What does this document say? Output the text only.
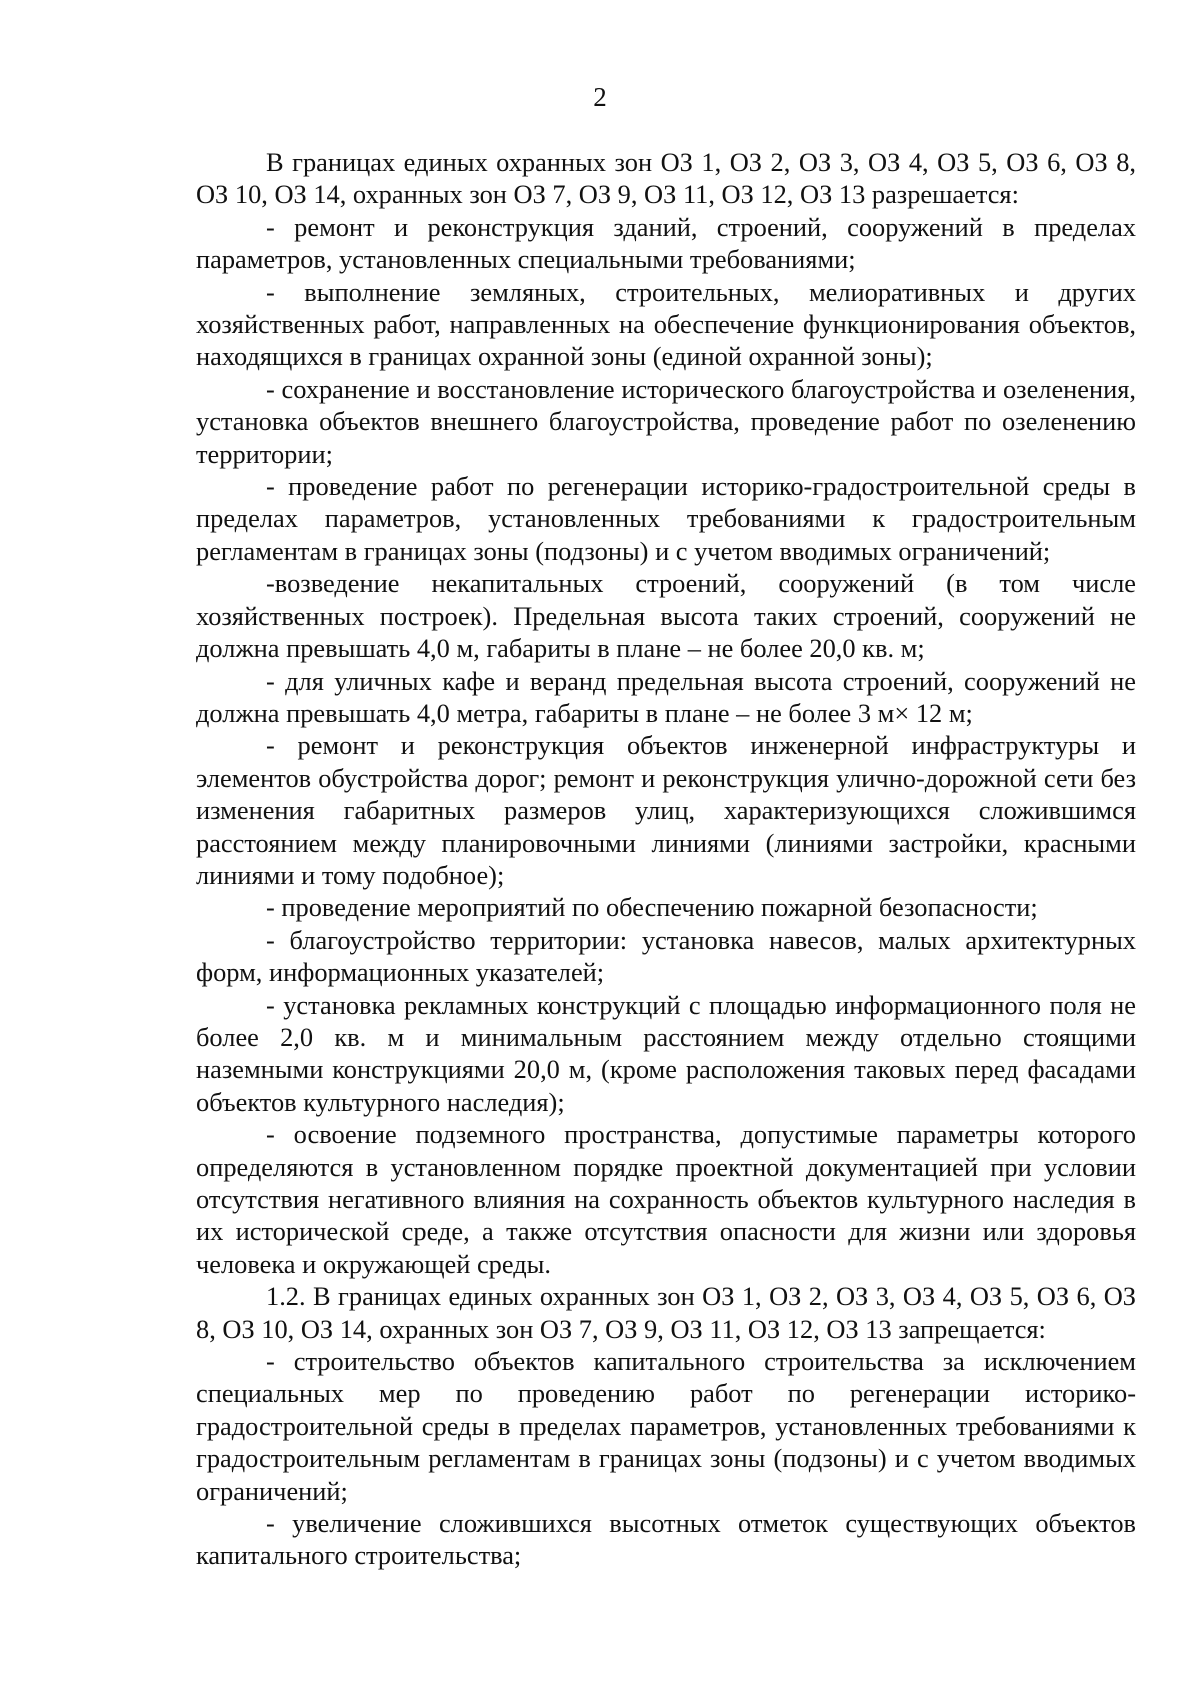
2

В границах единых охранных зон ОЗ 1, ОЗ 2, ОЗ 3, ОЗ 4, ОЗ 5, ОЗ 6, ОЗ 8, ОЗ 10, ОЗ 14, охранных зон ОЗ 7, ОЗ 9, ОЗ 11, ОЗ 12, ОЗ 13 разрешается:

- ремонт и реконструкция зданий, строений, сооружений в пределах параметров, установленных специальными требованиями;

- выполнение земляных, строительных, мелиоративных и других хозяйственных работ, направленных на обеспечение функционирования объектов, находящихся в границах охранной зоны (единой охранной зоны);

- сохранение и восстановление исторического благоустройства и озеленения, установка объектов внешнего благоустройства, проведение работ по озеленению территории;

- проведение работ по регенерации историко-градостроительной среды в пределах параметров, установленных требованиями к градостроительным регламентам в границах зоны (подзоны) и с учетом вводимых ограничений;

-возведение некапитальных строений, сооружений (в том числе хозяйственных построек). Предельная высота таких строений, сооружений не должна превышать 4,0 м, габариты в плане – не более 20,0 кв. м;

- для уличных кафе и веранд предельная высота строений, сооружений не должна превышать 4,0 метра, габариты в плане – не более 3 м× 12 м;

- ремонт и реконструкция объектов инженерной инфраструктуры и элементов обустройства дорог; ремонт и реконструкция улично-дорожной сети без изменения габаритных размеров улиц, характеризующихся сложившимся расстоянием между планировочными линиями (линиями застройки, красными линиями и тому подобное);

- проведение мероприятий по обеспечению пожарной безопасности;

- благоустройство территории: установка навесов, малых архитектурных форм, информационных указателей;

- установка рекламных конструкций с площадью информационного поля не более 2,0 кв. м и минимальным расстоянием между отдельно стоящими наземными конструкциями 20,0 м, (кроме расположения таковых перед фасадами объектов культурного наследия);

- освоение подземного пространства, допустимые параметры которого определяются в установленном порядке проектной документацией при условии отсутствия негативного влияния на сохранность объектов культурного наследия в их исторической среде, а также отсутствия опасности для жизни или здоровья человека и окружающей среды.

1.2. В границах единых охранных зон ОЗ 1, ОЗ 2, ОЗ 3, ОЗ 4, ОЗ 5, ОЗ 6, ОЗ 8, ОЗ 10, ОЗ 14, охранных зон ОЗ 7, ОЗ 9, ОЗ 11, ОЗ 12, ОЗ 13 запрещается:

- строительство объектов капитального строительства за исключением специальных мер по проведению работ по регенерации историко-градостроительной среды в пределах параметров, установленных требованиями к градостроительным регламентам в границах зоны (подзоны) и с учетом вводимых ограничений;

- увеличение сложившихся высотных отметок существующих объектов капитального строительства;
